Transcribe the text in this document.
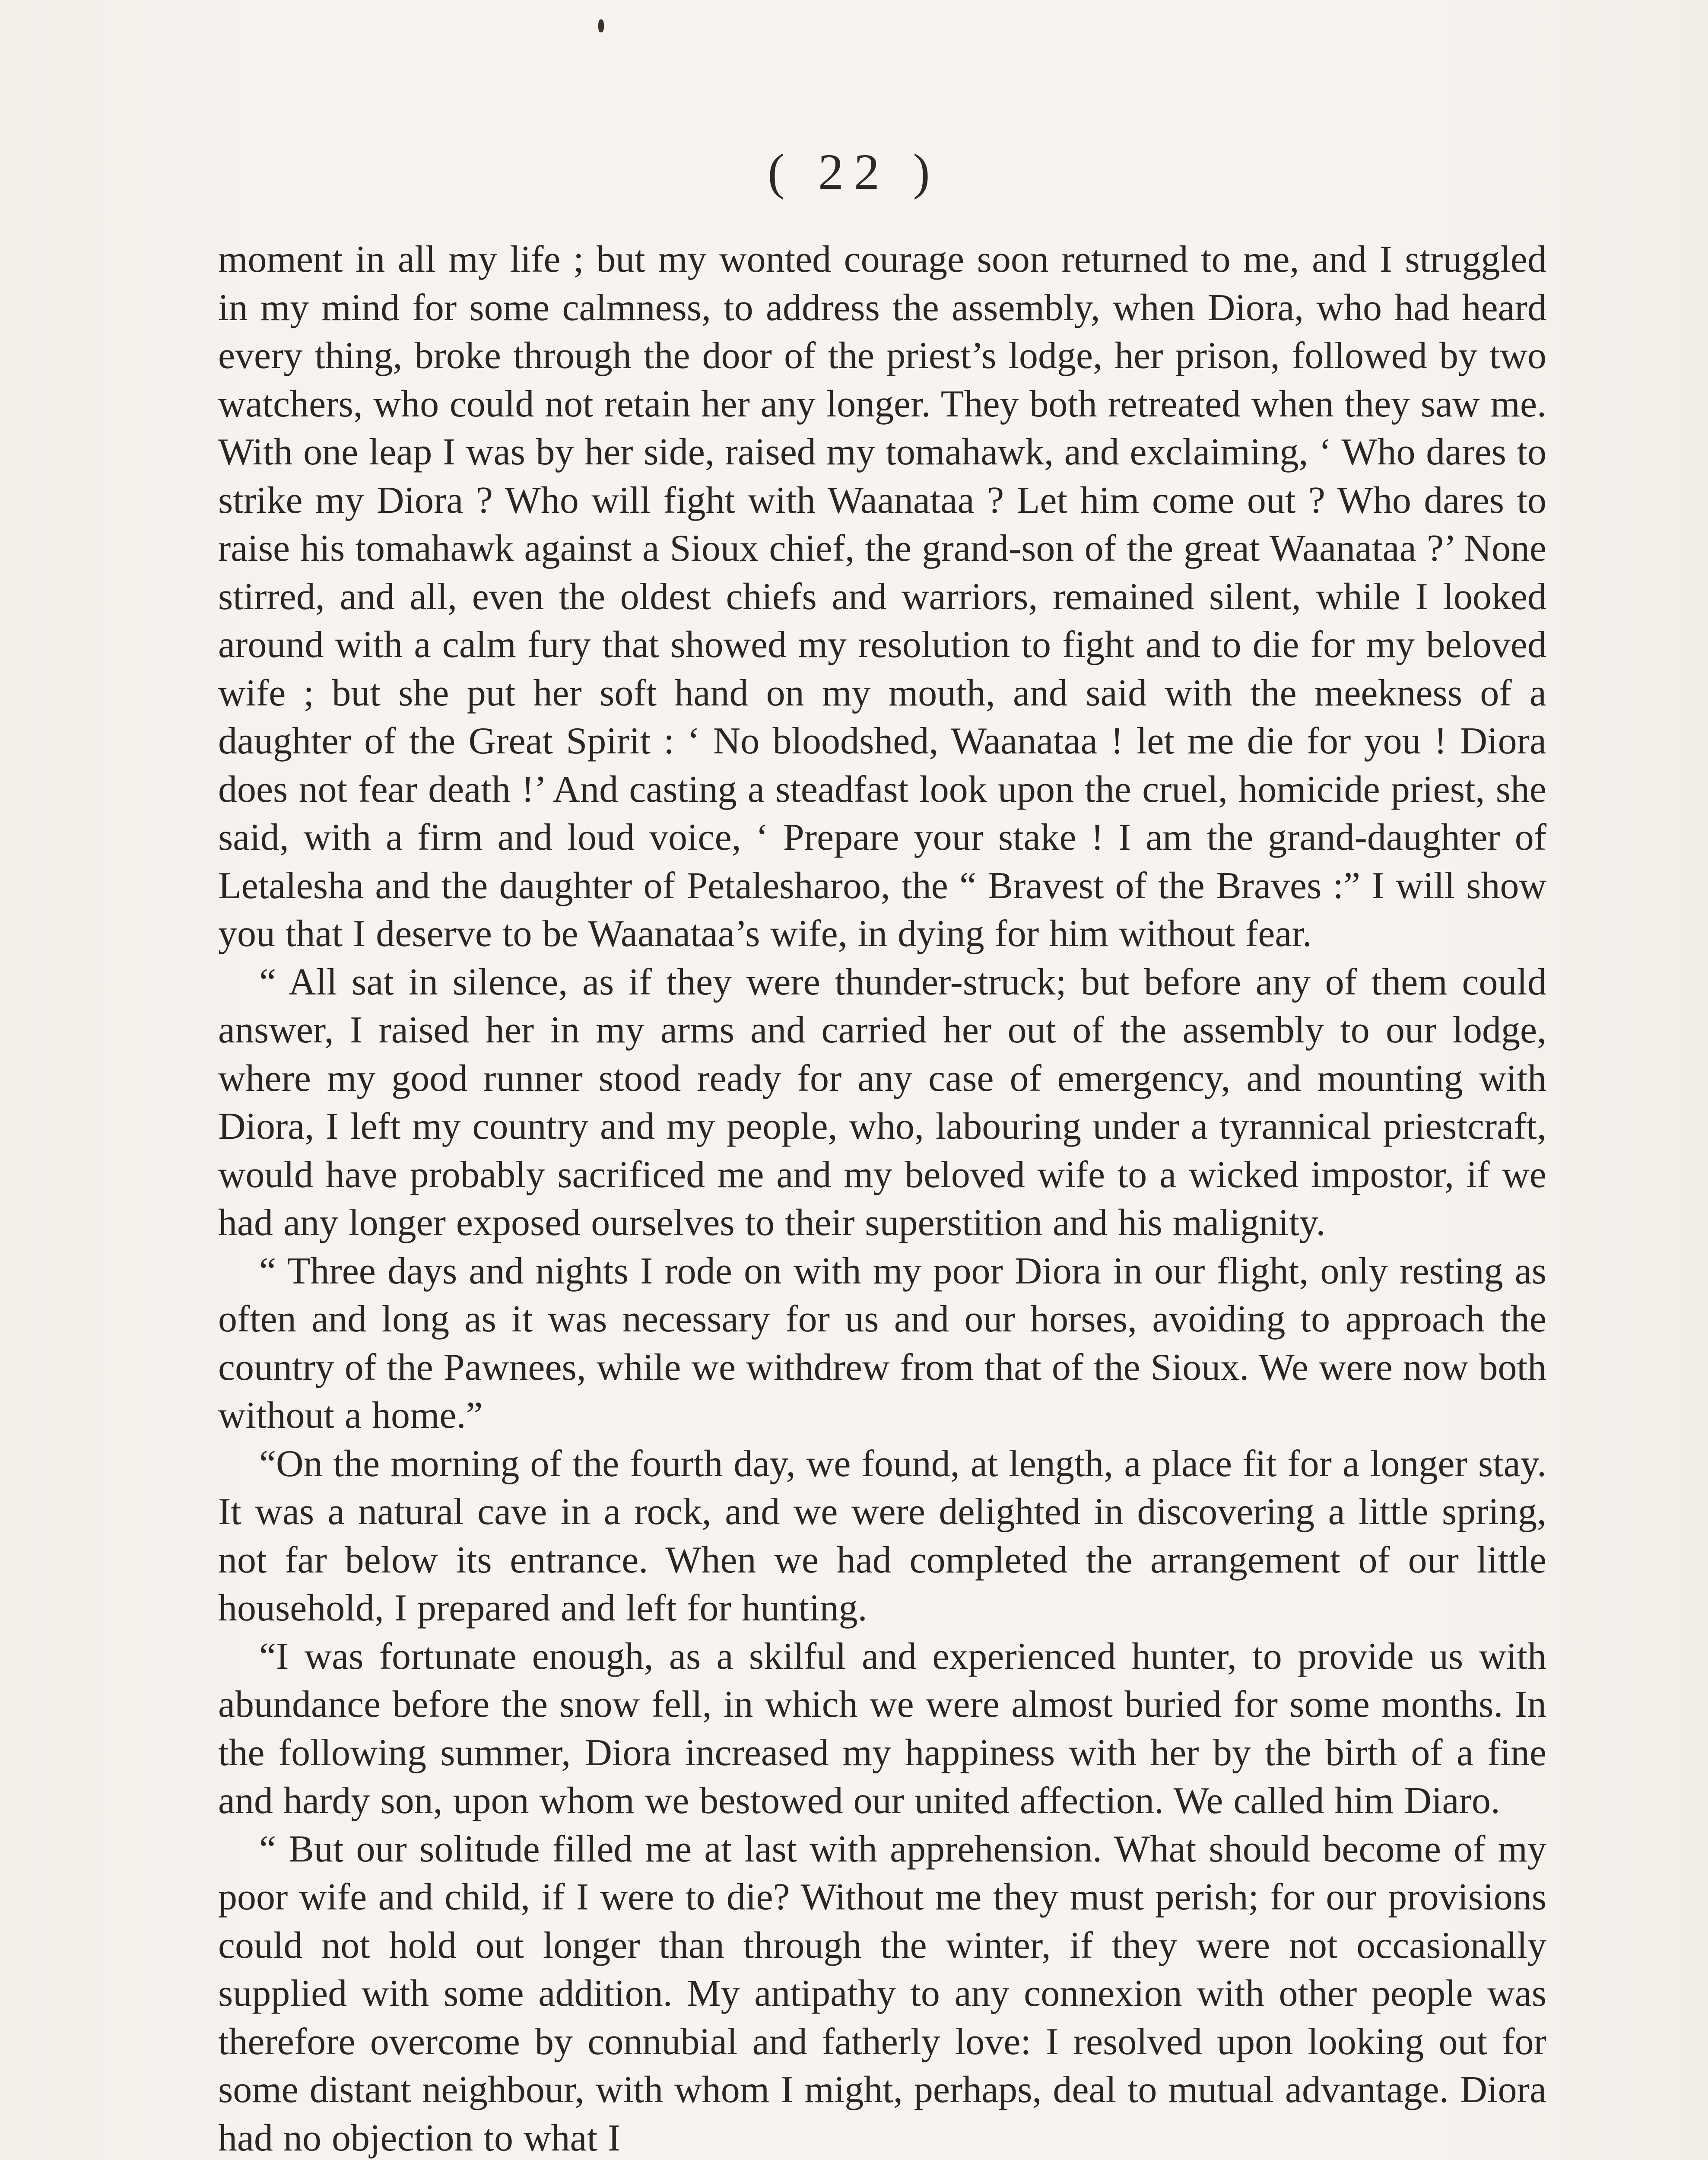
( 22 )

moment in all my life ; but my wonted courage soon returned to me, and I struggled in my mind for some calmness, to address the assembly, when Diora, who had heard every thing, broke through the door of the priest’s lodge, her prison, followed by two watchers, who could not retain her any longer. They both retreated when they saw me. With one leap I was by her side, raised my tomahawk, and exclaiming, ‘ Who dares to strike my Diora ? Who will fight with Waanataa ? Let him come out ? Who dares to raise his tomahawk against a Sioux chief, the grand-son of the great Waanataa ?’ None stirred, and all, even the oldest chiefs and warriors, remained silent, while I looked around with a calm fury that showed my resolution to fight and to die for my beloved wife ; but she put her soft hand on my mouth, and said with the meekness of a daughter of the Great Spirit : ‘ No bloodshed, Waanataa ! let me die for you ! Diora does not fear death !’ And casting a steadfast look upon the cruel, homicide priest, she said, with a firm and loud voice, ‘ Prepare your stake ! I am the grand-daughter of Letalesha and the daughter of Petalesharoo, the “ Bravest of the Braves :” I will show you that I deserve to be Waanataa’s wife, in dying for him without fear.

“ All sat in silence, as if they were thunder-struck; but before any of them could answer, I raised her in my arms and carried her out of the assembly to our lodge, where my good runner stood ready for any case of emergency, and mounting with Diora, I left my country and my people, who, labouring under a tyrannical priestcraft, would have probably sacrificed me and my beloved wife to a wicked impostor, if we had any longer exposed ourselves to their superstition and his malignity.

“ Three days and nights I rode on with my poor Diora in our flight, only resting as often and long as it was necessary for us and our horses, avoiding to approach the country of the Pawnees, while we withdrew from that of the Sioux. We were now both without a home.”

“On the morning of the fourth day, we found, at length, a place fit for a longer stay. It was a natural cave in a rock, and we were delighted in discovering a little spring, not far below its entrance. When we had completed the arrangement of our little household, I prepared and left for hunting.

“I was fortunate enough, as a skilful and experienced hunter, to provide us with abundance before the snow fell, in which we were almost buried for some months. In the following summer, Diora increased my happiness with her by the birth of a fine and hardy son, upon whom we bestowed our united affection. We called him Diaro.

“ But our solitude filled me at last with apprehension. What should become of my poor wife and child, if I were to die? Without me they must perish; for our provisions could not hold out longer than through the winter, if they were not occasionally supplied with some addition. My antipathy to any connexion with other people was therefore overcome by connubial and fatherly love: I resolved upon looking out for some distant neighbour, with whom I might, perhaps, deal to mutual advantage. Diora had no objection to what I
